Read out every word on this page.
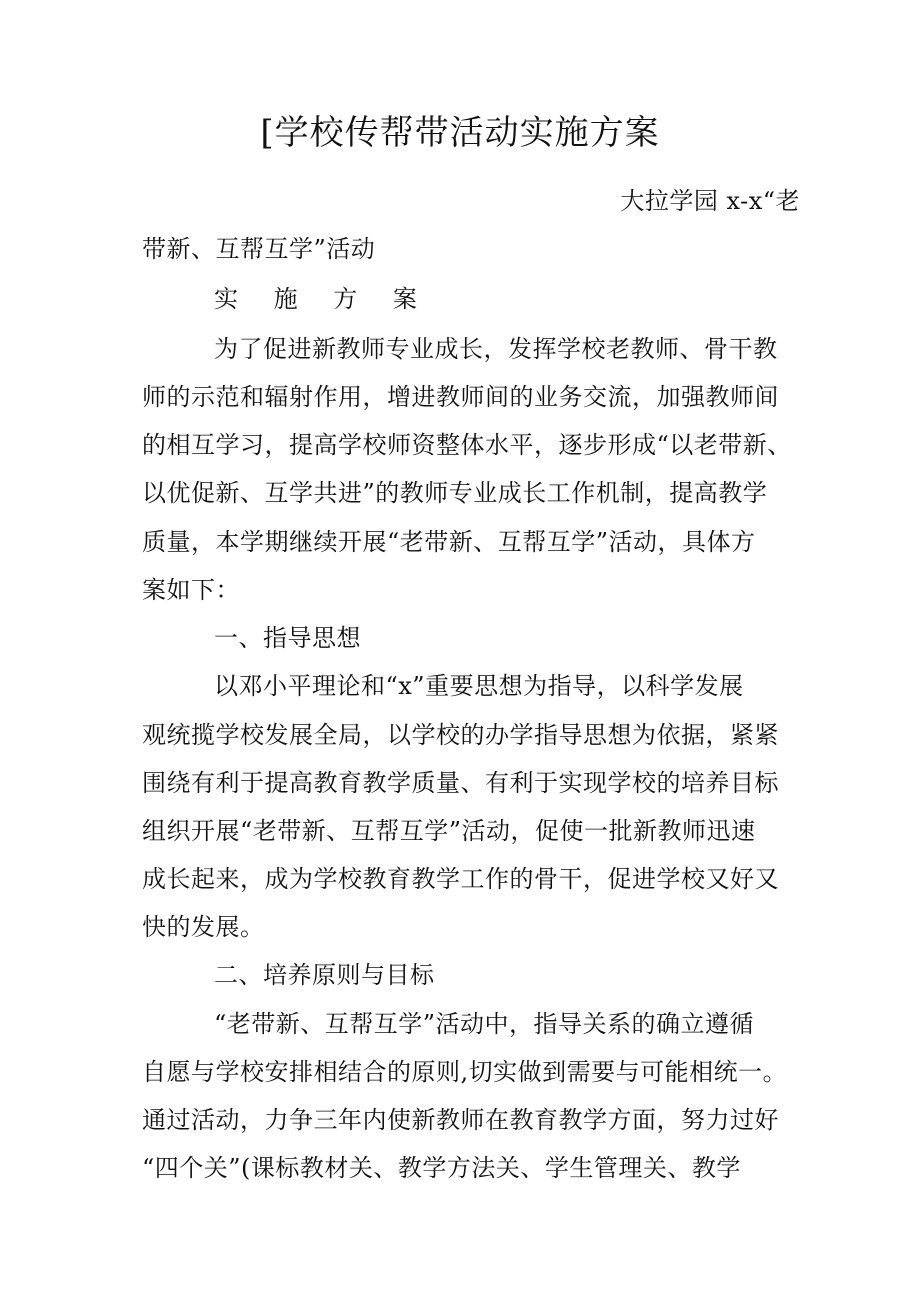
[学校传帮带活动实施方案
大拉学园 x-x“老
带新、互帮互学”活动
实 施 方 案
为了促进新教师专业成长，发挥学校老教师、骨干教
师的示范和辐射作用，增进教师间的业务交流，加强教师间
的相互学习，提高学校师资整体水平，逐步形成“以老带新、
以优促新、互学共进”的教师专业成长工作机制，提高教学
质量，本学期继续开展“老带新、互帮互学”活动，具体方
案如下：
一、指导思想
以邓小平理论和“x”重要思想为指导，以科学发展
观统揽学校发展全局，以学校的办学指导思想为依据，紧紧
围绕有利于提高教育教学质量、有利于实现学校的培养目标
组织开展“老带新、互帮互学”活动，促使一批新教师迅速
成长起来，成为学校教育教学工作的骨干，促进学校又好又
快的发展。
二、培养原则与目标
“老带新、互帮互学”活动中，指导关系的确立遵循
自愿与学校安排相结合的原则,切实做到需要与可能相统一。
通过活动，力争三年内使新教师在教育教学方面，努力过好
“四个关”(课标教材关、教学方法关、学生管理关、教学
